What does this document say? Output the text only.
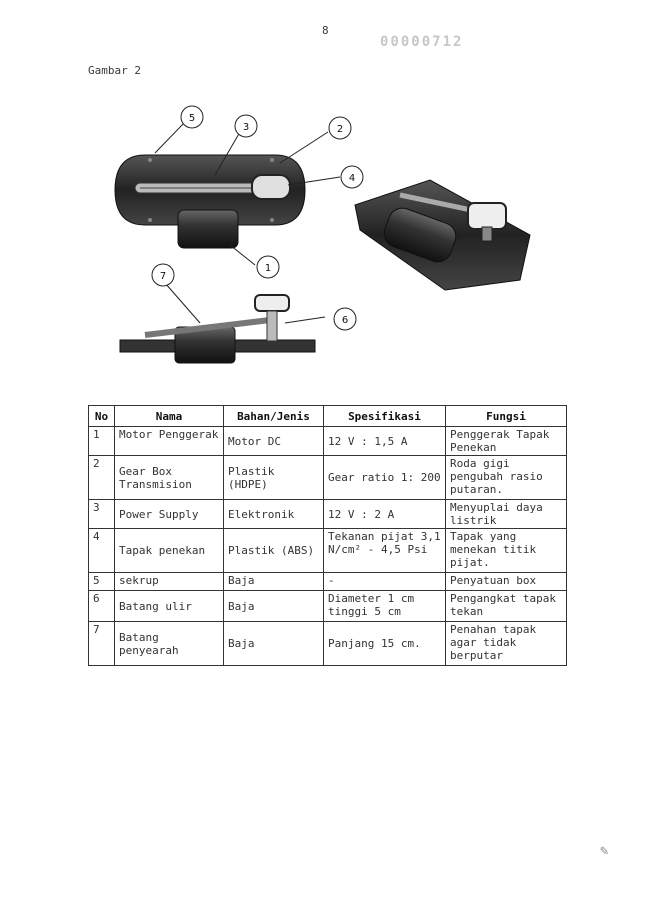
8
00000712
Gambar 2
1
2
3
4
5
6
7
No	Nama	Bahan/Jenis	Spesifikasi	Fungsi
1	Motor Penggerak	Motor DC	12 V : 1,5 A	Penggerak Tapak Penekan
2	Gear Box Transmision	Plastik (HDPE)	Gear ratio 1: 200	Roda gigi pengubah rasio putaran.
3	Power Supply	Elektronik	12 V : 2 A	Menyuplai daya listrik
4	Tapak penekan	Plastik (ABS)	Tekanan pijat 3,1 N/cm² - 4,5 Psi	Tapak yang menekan titik pijat.
5	sekrup	Baja	-	Penyatuan box
6	Batang ulir	Baja	Diameter 1 cm tinggi 5 cm	Pengangkat tapak tekan
7	Batang penyearah	Baja	Panjang 15 cm.	Penahan tapak agar tidak berputar
✎
